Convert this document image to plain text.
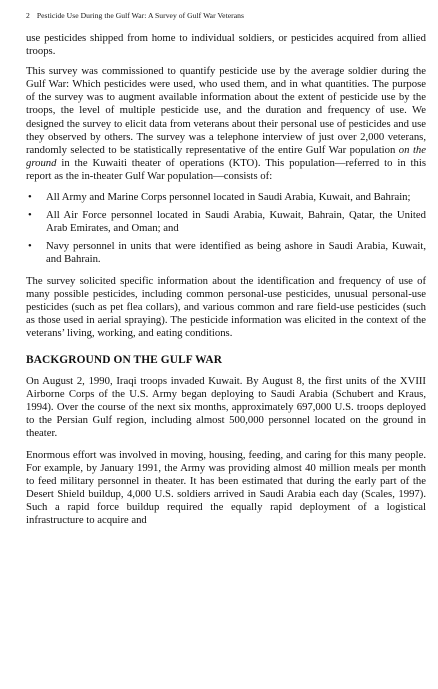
2 Pesticide Use During the Gulf War: A Survey of Gulf War Veterans

use pesticides shipped from home to individual soldiers, or pesticides acquired from allied troops.

This survey was commissioned to quantify pesticide use by the average soldier during the Gulf War: Which pesticides were used, who used them, and in what quantities. The purpose of the survey was to augment available information about the extent of pesticide use by the troops, the level of multiple pesticide use, and the duration and frequency of use. We designed the survey to elicit data from veterans about their personal use of pesticides and use they observed by others. The survey was a telephone interview of just over 2,000 veterans, randomly selected to be statistically representative of the entire Gulf War population on the ground in the Kuwaiti theater of operations (KTO). This population—referred to in this report as the in-theater Gulf War population—consists of:

• All Army and Marine Corps personnel located in Saudi Arabia, Kuwait, and Bahrain;
• All Air Force personnel located in Saudi Arabia, Kuwait, Bahrain, Qatar, the United Arab Emirates, and Oman; and
• Navy personnel in units that were identified as being ashore in Saudi Arabia, Kuwait, and Bahrain.

The survey solicited specific information about the identification and frequency of use of many possible pesticides, including common personal-use pesticides, unusual personal-use pesticides (such as pet flea collars), and various common and rare field-use pesticides (such as those used in aerial spraying). The pesticide information was elicited in the context of the veterans’ living, working, and eating conditions.

BACKGROUND ON THE GULF WAR

On August 2, 1990, Iraqi troops invaded Kuwait. By August 8, the first units of the XVIII Airborne Corps of the U.S. Army began deploying to Saudi Arabia (Schubert and Kraus, 1994). Over the course of the next six months, approximately 697,000 U.S. troops deployed to the Persian Gulf region, including almost 500,000 personnel located on the ground in theater.

Enormous effort was involved in moving, housing, feeding, and caring for this many people. For example, by January 1991, the Army was providing almost 40 million meals per month to feed military personnel in theater. It has been estimated that during the early part of the Desert Shield buildup, 4,000 U.S. soldiers arrived in Saudi Arabia each day (Scales, 1997). Such a rapid force buildup required the equally rapid deployment of a logistical infrastructure to acquire and
